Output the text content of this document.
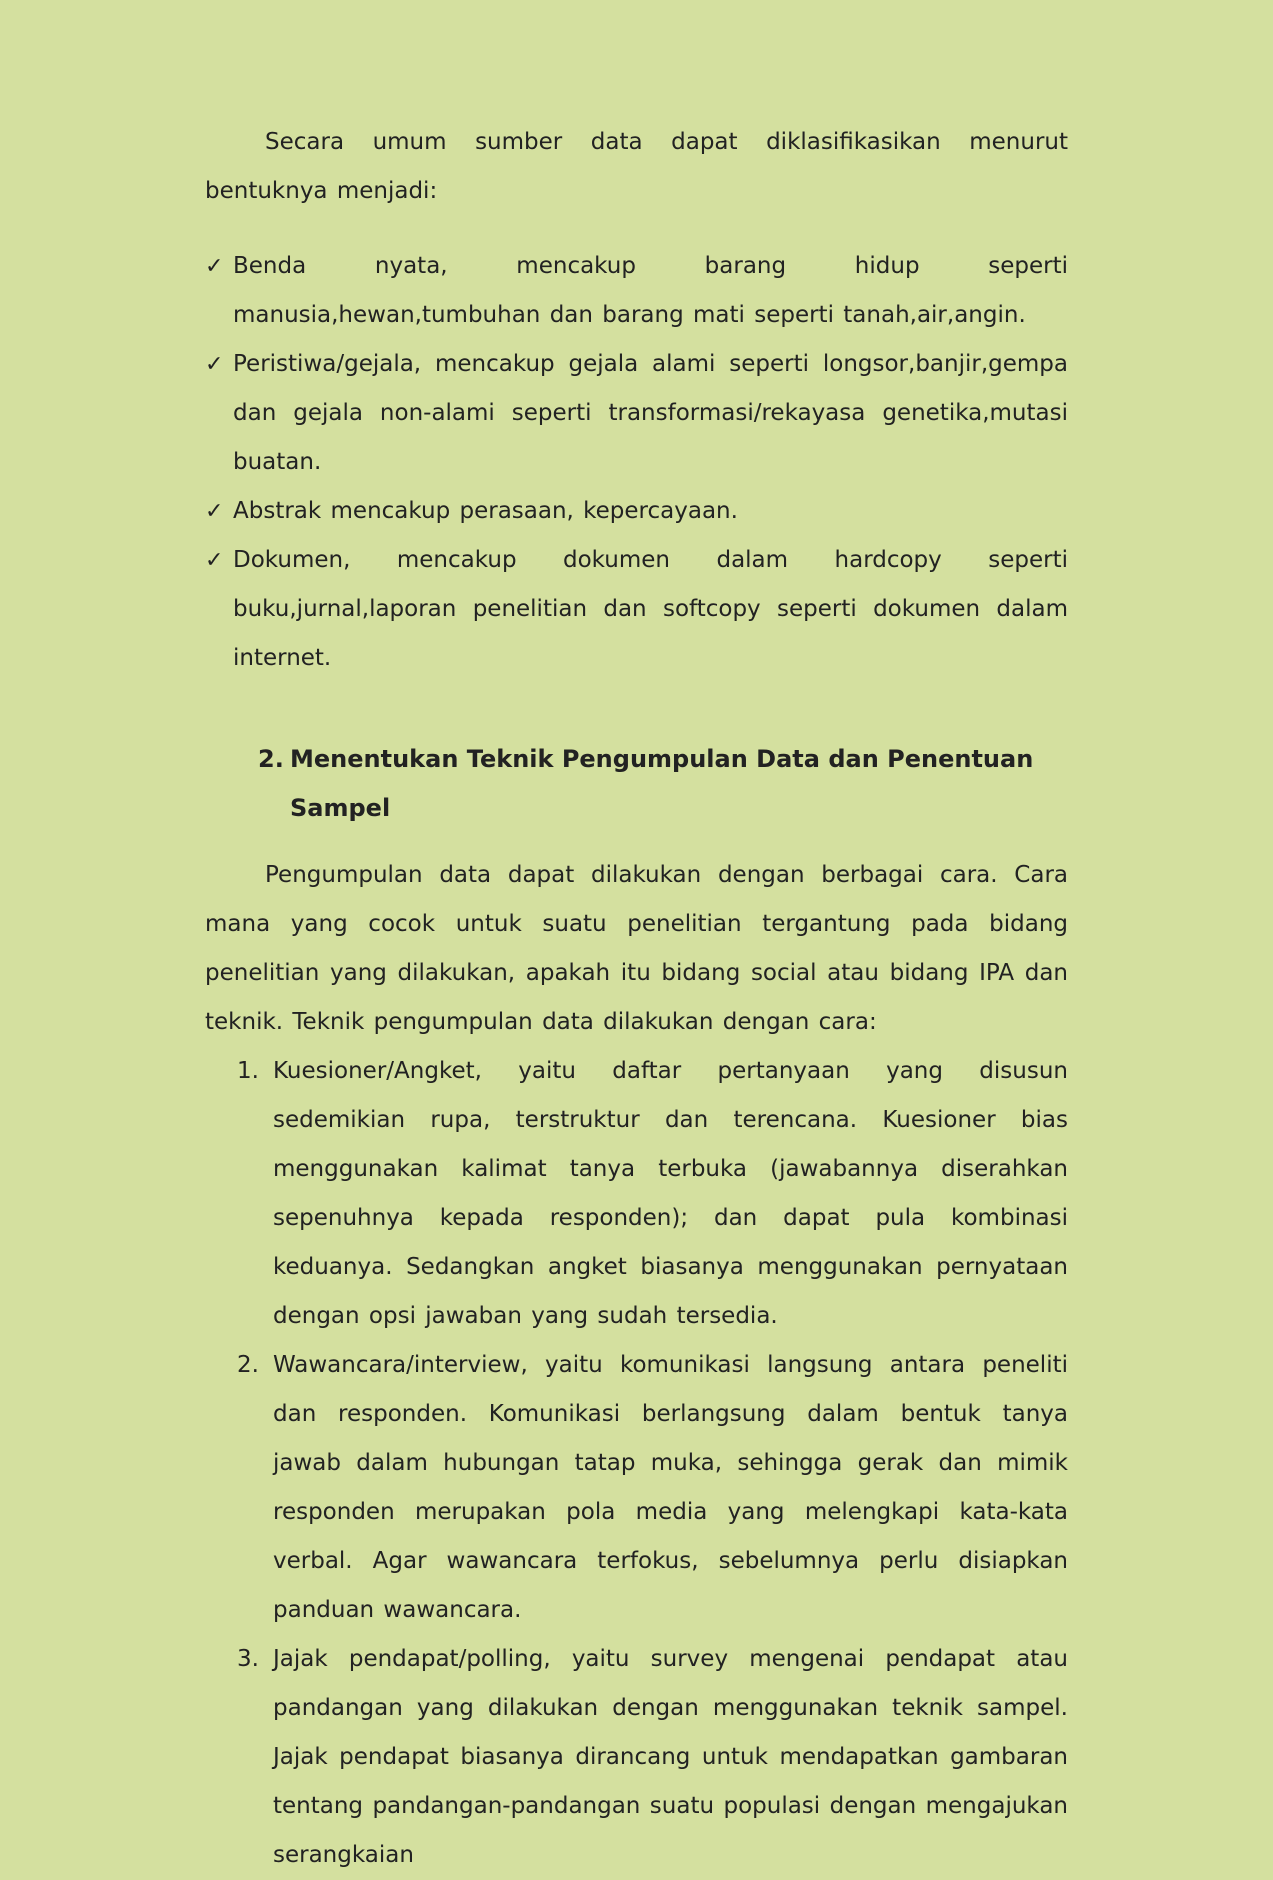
Secara umum sumber data dapat diklasifikasikan menurut bentuknya menjadi:

✓ Benda nyata, mencakup barang hidup seperti manusia,hewan,tumbuhan dan barang mati seperti tanah,air,angin.
✓ Peristiwa/gejala, mencakup gejala alami seperti longsor,banjir,gempa dan gejala non-alami seperti transformasi/rekayasa genetika,mutasi buatan.
✓ Abstrak mencakup perasaan, kepercayaan.
✓ Dokumen, mencakup dokumen dalam hardcopy seperti buku,jurnal,laporan penelitian dan softcopy seperti dokumen dalam internet.
2. Menentukan Teknik Pengumpulan Data dan Penentuan Sampel

Pengumpulan data dapat dilakukan dengan berbagai cara. Cara mana yang cocok untuk suatu penelitian tergantung pada bidang penelitian yang dilakukan, apakah itu bidang social atau bidang IPA dan teknik. Teknik pengumpulan data dilakukan dengan cara:

1. Kuesioner/Angket, yaitu daftar pertanyaan yang disusun sedemikian rupa, terstruktur dan terencana. Kuesioner bias menggunakan kalimat tanya terbuka (jawabannya diserahkan sepenuhnya kepada responden); dan dapat pula kombinasi keduanya. Sedangkan angket biasanya menggunakan pernyataan dengan opsi jawaban yang sudah tersedia.
2. Wawancara/interview, yaitu komunikasi langsung antara peneliti dan responden. Komunikasi berlangsung dalam bentuk tanya jawab dalam hubungan tatap muka, sehingga gerak dan mimik responden merupakan pola media yang melengkapi kata-kata verbal. Agar wawancara terfokus, sebelumnya perlu disiapkan panduan wawancara.
3. Jajak pendapat/polling, yaitu survey mengenai pendapat atau pandangan yang dilakukan dengan menggunakan teknik sampel. Jajak pendapat biasanya dirancang untuk mendapatkan gambaran tentang pandangan-pandangan suatu populasi dengan mengajukan serangkaian
